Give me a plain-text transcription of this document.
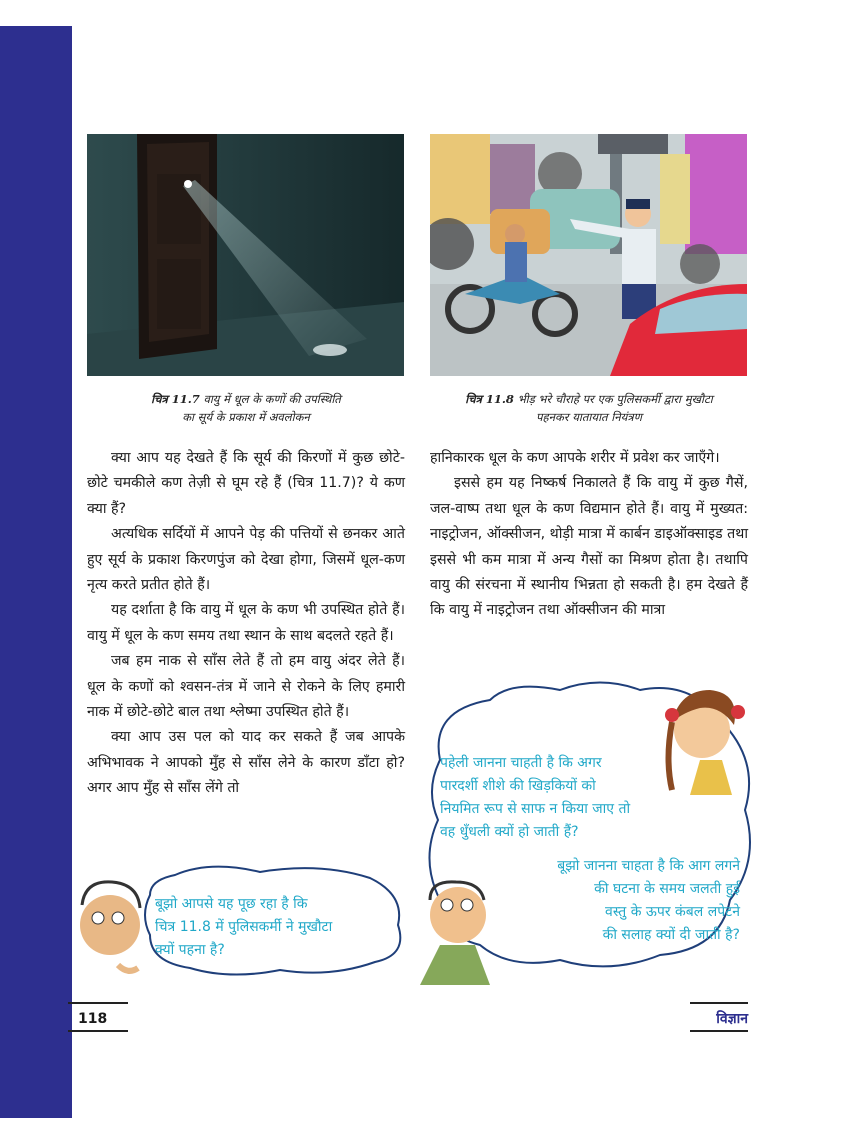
चित्र 11.7 वायु में धूल के कणों की उपस्थिति
का सूर्य के प्रकाश में अवलोकन
चित्र 11.8 भीड़ भरे चौराहे पर एक पुलिसकर्मी द्वारा मुखौटा
पहनकर यातायात नियंत्रण

क्या आप यह देखते हैं कि सूर्य की किरणों में कुछ छोटे-छोटे चमकीले कण तेज़ी से घूम रहे हैं (चित्र 11.7)? ये कण क्या हैं?

अत्यधिक सर्दियों में आपने पेड़ की पत्तियों से छनकर आते हुए सूर्य के प्रकाश किरणपुंज को देखा होगा, जिसमें धूल-कण नृत्य करते प्रतीत होते हैं।

यह दर्शाता है कि वायु में धूल के कण भी उपस्थित होते हैं। वायु में धूल के कण समय तथा स्थान के साथ बदलते रहते हैं।

जब हम नाक से साँस लेते हैं तो हम वायु अंदर लेते हैं। धूल के कणों को श्वसन-तंत्र में जाने से रोकने के लिए हमारी नाक में छोटे-छोटे बाल तथा श्लेष्मा उपस्थित होते हैं।

क्या आप उस पल को याद कर सकते हैं जब आपके अभिभावक ने आपको मुँह से साँस लेने के कारण डाँटा हो? अगर आप मुँह से साँस लेंगे तो

हानिकारक धूल के कण आपके शरीर में प्रवेश कर जाएँगे।

इससे हम यह निष्कर्ष निकालते हैं कि वायु में कुछ गैसें, जल-वाष्प तथा धूल के कण विद्यमान होते हैं। वायु में मुख्यत: नाइट्रोजन, ऑक्सीजन, थोड़ी मात्रा में कार्बन डाइऑक्साइड तथा इससे भी कम मात्रा में अन्य गैसों का मिश्रण होता है। तथापि वायु की संरचना में स्थानीय भिन्नता हो सकती है। हम देखते हैं कि वायु में नाइट्रोजन तथा ऑक्सीजन की मात्रा

पहेली जानना चाहती है कि अगर
पारदर्शी शीशे की खिड़कियों को
नियमित रूप से साफ न किया जाए तो
वह धुँधली क्यों हो जाती हैं?
बूझो जानना चाहता है कि आग लगने
की घटना के समय जलती हुई
वस्तु के ऊपर कंबल लपेटने
की सलाह क्यों दी जाती है?
बूझो आपसे यह पूछ रहा है कि
चित्र 11.8 में पुलिसकर्मी ने मुखौटा
क्यों पहना है?
118	विज्ञान
